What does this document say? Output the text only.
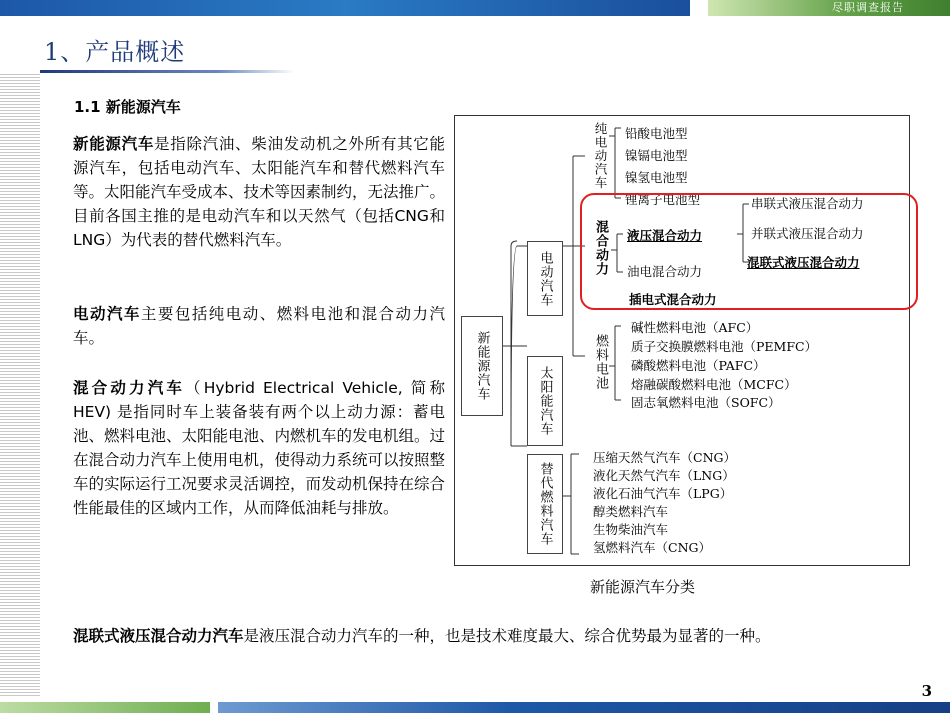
尽职调查报告
1、产品概述
1.1 新能源汽车
新能源汽车是指除汽油、柴油发动机之外所有其它能源汽车，包括电动汽车、太阳能汽车和替代燃料汽车等。太阳能汽车受成本、技术等因素制约，无法推广。目前各国主推的是电动汽车和以天然气（包括CNG和LNG）为代表的替代燃料汽车。
电动汽车主要包括纯电动、燃料电池和混合动力汽车。
混合动力汽车（Hybrid Electrical Vehicle, 简称HEV) 是指同时车上装备装有两个以上动力源：蓄电池、燃料电池、太阳能电池、内燃机车的发电机组。过在混合动力汽车上使用电机，使得动力系统可以按照整车的实际运行工况要求灵活调控，而发动机保持在综合性能最佳的区域内工作，从而降低油耗与排放。
新能源汽车
电动汽车
太阳能汽车
替代燃料汽车
纯电动汽车 铅酸电池型
镍镉电池型
镍氢电池型
锂离子电池型
混合动力 液压混合动力
串联式液压混合动力
并联式液压混合动力
混联式液压混合动力
油电混合动力
插电式混合动力
燃料电池
碱性燃料电池（AFC）
质子交换膜燃料电池（PEMFC）
磷酸燃料电池（PAFC）
熔融碳酸燃料电池（MCFC）
固志氧燃料电池（SOFC）
压缩天然气汽车（CNG）
液化天然气汽车（LNG）
液化石油气汽车（LPG）
醇类燃料汽车
生物柴油汽车
氢燃料汽车（CNG）
新能源汽车分类
混联式液压混合动力汽车是液压混合动力汽车的一种，也是技术难度最大、综合优势最为显著的一种。
3
